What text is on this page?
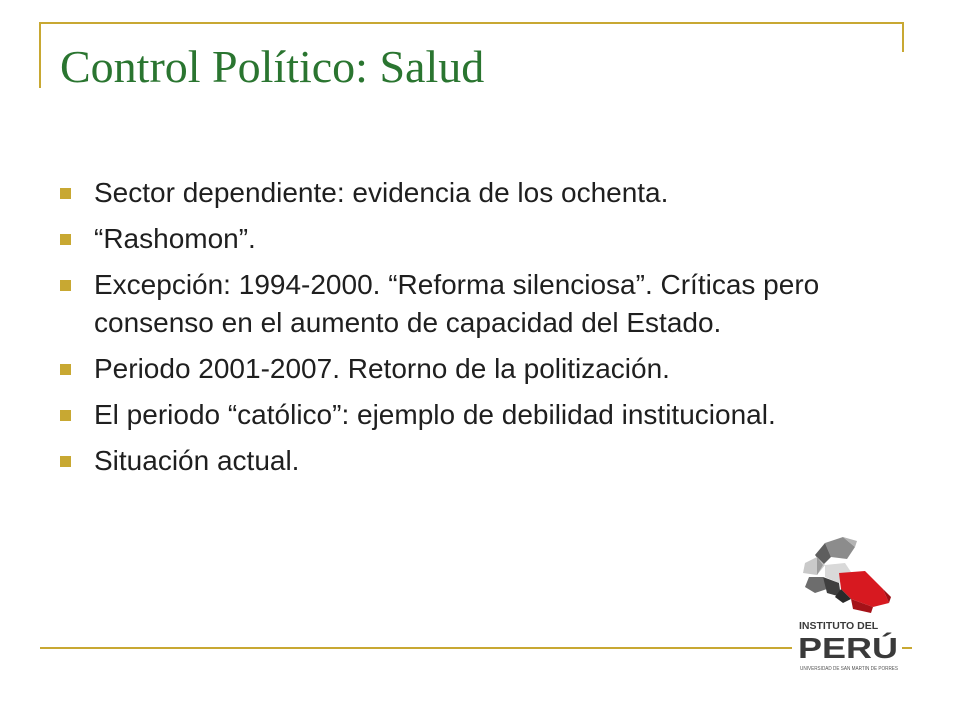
Control Político: Salud
Sector dependiente: evidencia de los ochenta.
“Rashomon”.
Excepción: 1994-2000. “Reforma silenciosa”. Críticas pero consenso en el aumento de capacidad del Estado.
Periodo 2001-2007. Retorno de la politización.
El periodo “católico”: ejemplo de debilidad institucional.
Situación actual.
INSTITUTO DEL
PERÚ
UNIVERSIDAD DE SAN MARTIN DE PORRES
